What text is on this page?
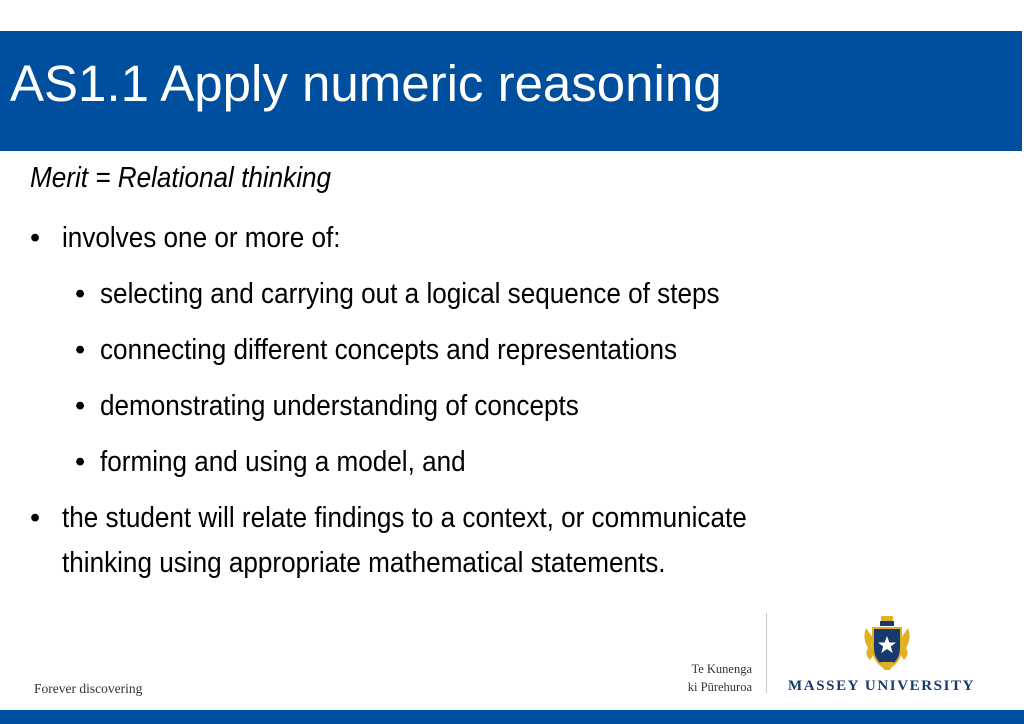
AS1.1 Apply numeric reasoning
Merit = Relational thinking
• involves one or more of:
• selecting and carrying out a logical sequence of steps
• connecting different concepts and representations
• demonstrating understanding of concepts
• forming and using a model, and
• the student will relate findings to a context, or communicate
thinking using appropriate mathematical statements.
Forever discovering
Te Kunenga
ki Pūrehuroa MASSEY UNIVERSITY
